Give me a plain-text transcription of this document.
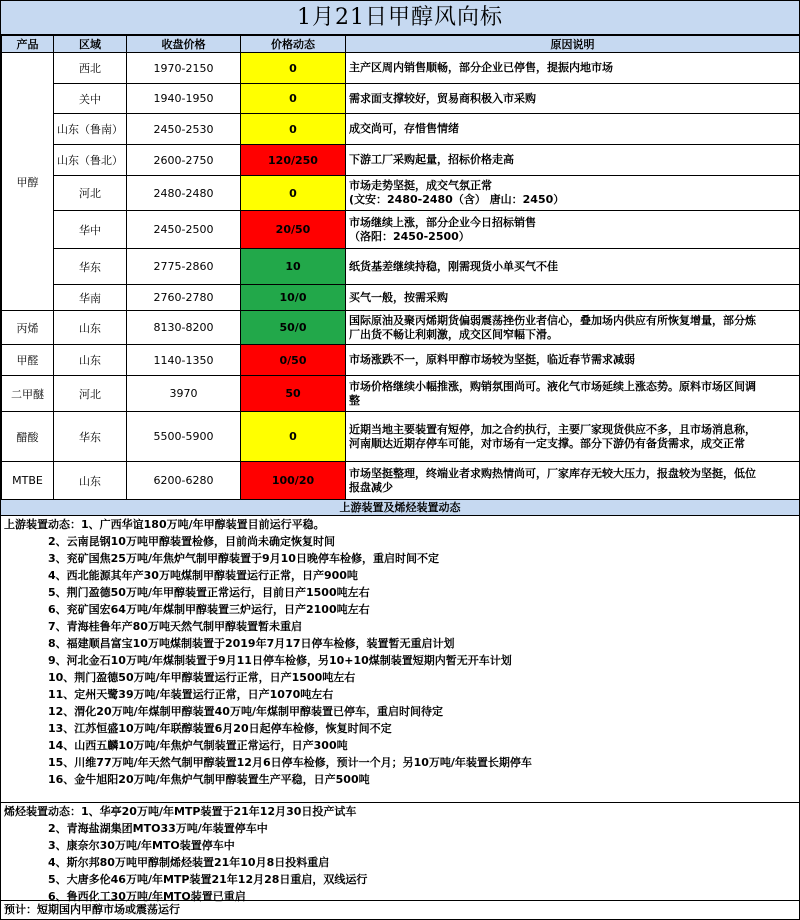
1月21日甲醇风向标
产品	区域	收盘价格	价格动态	原因说明
甲醇	西北	1970-2150	0	主产区周内销售顺畅，部分企业已停售，提振内地市场

	关中	1940-1950	0	需求面支撑较好，贸易商积极入市采购

	山东（鲁南）	2450-2530	0	成交尚可，存惜售情绪

	山东（鲁北）	2600-2750	120/250	下游工厂采购起量，招标价格走高

	河北	2480-2480	0	市场走势坚挺，成交气氛正常
(文安：2480-2480（含） 唐山：2450）

	华中	2450-2500	20/50	市场继续上涨，部分企业今日招标销售
（洛阳：2450-2500）

	华东	2775-2860	10	纸货基差继续持稳，刚需现货小单买气不佳

	华南	2760-2780	10/0	买气一般，按需采购

丙烯	山东	8130-8200	50/0	国际原油及聚丙烯期货偏弱震荡挫伤业者信心，叠加场内供应有所恢复增量，部分炼
厂出货不畅让利刺激，成交区间窄幅下滑。

甲醛	山东	1140-1350	0/50	市场涨跌不一，原料甲醇市场较为坚挺，临近春节需求减弱

二甲醚	河北	3970	50	市场价格继续小幅推涨，购销氛围尚可。液化气市场延续上涨态势。原料市场区间调
整

醋酸	华东	5500-5900	0	近期当地主要装置有短停，加之合约执行，主要厂家现货供应不多，且市场消息称，
河南顺达近期存停车可能，对市场有一定支撑。部分下游仍有备货需求，成交正常

MTBE	山东	6200-6280	100/20	市场坚挺整理，终端业者求购热情尚可，厂家库存无较大压力，报盘较为坚挺，低位
报盘减少
上游装置及烯烃装置动态
上游装置动态：1、广西华谊180万吨/年甲醇装置目前运行平稳。
2、云南昆钢10万吨甲醇装置检修，目前尚未确定恢复时间
3、兖矿国焦25万吨/年焦炉气制甲醇装置于9月10日晚停车检修，重启时间不定
4、西北能源其年产30万吨煤制甲醇装置运行正常，日产900吨
5、荆门盈德50万吨/年甲醇装置正常运行，目前日产1500吨左右
6、兖矿国宏64万吨/年煤制甲醇装置三炉运行，日产2100吨左右
7、青海桂鲁年产80万吨天然气制甲醇装置暂未重启
8、福建顺昌富宝10万吨煤制装置于2019年7月17日停车检修，装置暂无重启计划
9、河北金石10万吨/年煤制装置于9月11日停车检修，另10+10煤制装置短期内暂无开车计划
10、荆门盈德50万吨/年甲醇装置运行正常，日产1500吨左右
11、定州天鹭39万吨/年装置运行正常，日产1070吨左右
12、渭化20万吨/年煤制甲醇装置40万吨/年煤制甲醇装置已停车，重启时间待定
13、江苏恒盛10万吨/年联醇装置6月20日起停车检修，恢复时间不定
14、山西五麟10万吨/年焦炉气制装置正常运行，日产300吨
15、川维77万吨/年天然气制甲醇装置12月6日停车检修，预计一个月；另10万吨/年装置长期停车
16、金牛旭阳20万吨/年焦炉气制甲醇装置生产平稳，日产500吨
烯烃装置动态：1、华亭20万吨/年MTP装置于21年12月30日投产试车
2、青海盐湖集团MTO33万吨/年装置停车中
3、康奈尔30万吨/年MTO装置停车中
4、斯尔邦80万吨甲醇制烯烃装置21年10月8日投料重启
5、大唐多伦46万吨/年MTP装置21年12月28日重启，双线运行
6、鲁西化工30万吨/年MTO装置已重启
预计：短期国内甲醇市场或震荡运行
